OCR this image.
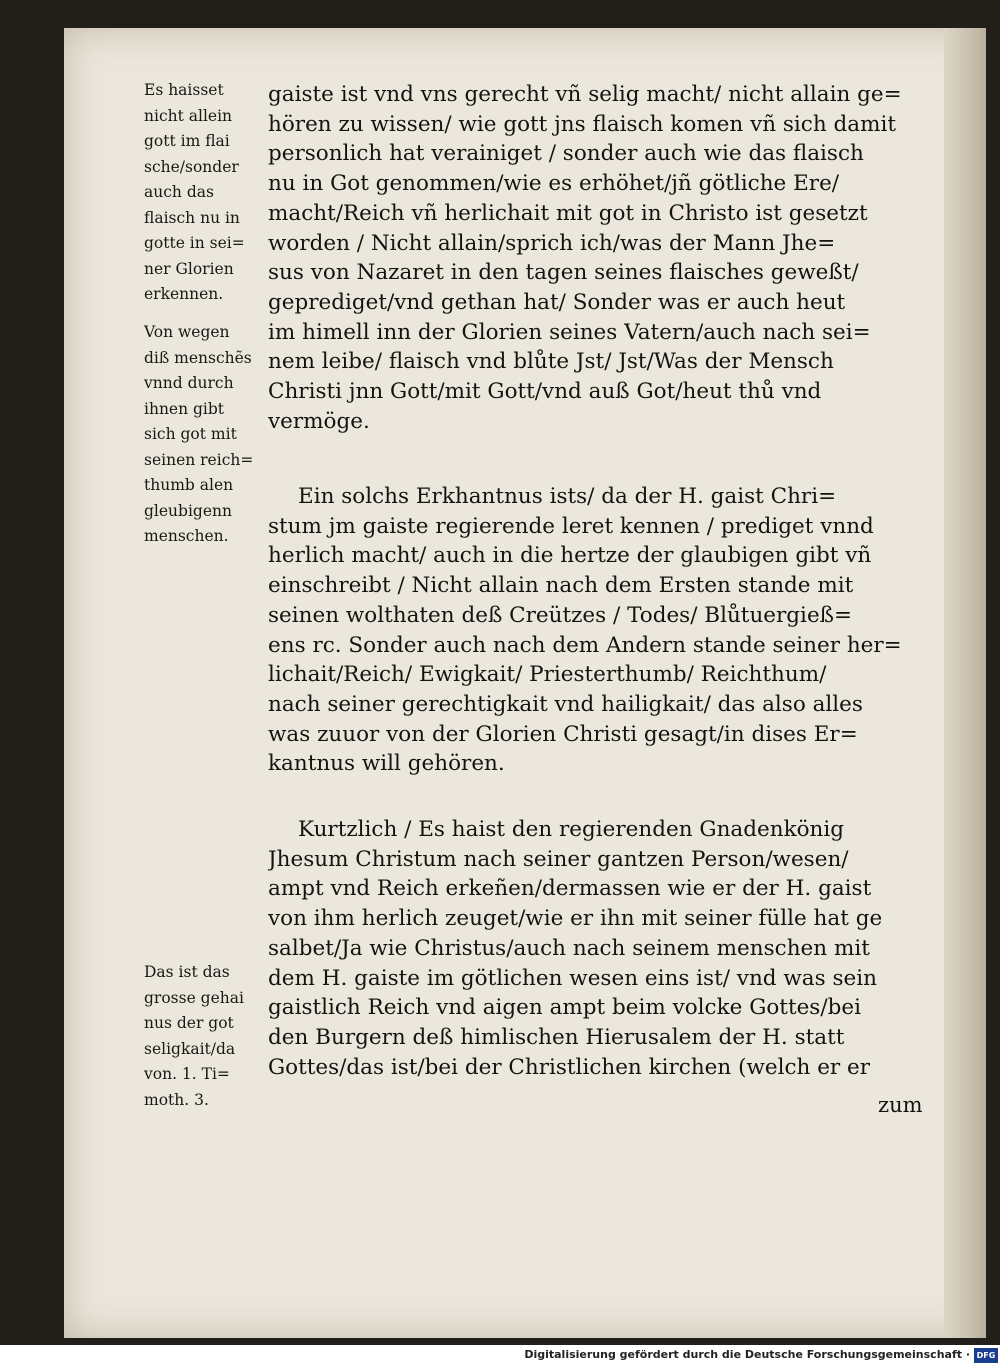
Es haisset
nicht allein
gott im flai
sche/sonder
auch das
flaisch nu in
gotte in sei=
ner Glorien
erkennen.
Von wegen
diß menschẽs
vnnd durch
ihnen gibt
sich got mit
seinen reich=
thumb alen
gleubigenn
menschen.
Das ist das
grosse gehai
nus der got
seligkait/da
von. 1. Ti=
moth. 3.
gaiste ist vnd vns gerecht vñ selig macht/ nicht allain ge=
hören zu wissen/ wie gott jns flaisch komen vñ sich damit
personlich hat verainiget / sonder auch wie das flaisch
nu in Got genommen/wie es erhöhet/jñ götliche Ere/
macht/Reich vñ herlichait mit got in Christo ist gesetzt
worden / Nicht allain/sprich ich/was der Mann Jhe=
sus von Nazaret in den tagen seines flaisches geweßt/
geprediget/vnd gethan hat/ Sonder was er auch heut
im himell inn der Glorien seines Vatern/auch nach sei=
nem leibe/ flaisch vnd blůte Jst/ Jst/Was der Mensch
Christi jnn Gott/mit Gott/vnd auß Got/heut thů vnd
vermöge.
Ein solchs Erkhantnus ists/ da der H. gaist Chri=
stum jm gaiste regierende leret kennen / prediget vnnd
herlich macht/ auch in die hertze der glaubigen gibt vñ
einschreibt / Nicht allain nach dem Ersten stande mit
seinen wolthaten deß Creützes / Todes/ Blůtuergieß=
ens rc. Sonder auch nach dem Andern stande seiner her=
lichait/Reich/ Ewigkait/ Priesterthumb/ Reichthum/
nach seiner gerechtigkait vnd hailigkait/ das also alles
was zuuor von der Glorien Christi gesagt/in dises Er=
kantnus will gehören.
Kurtzlich / Es haist den regierenden Gnadenkönig
Jhesum Christum nach seiner gantzen Person/wesen/
ampt vnd Reich erkeñen/dermassen wie er der H. gaist
von ihm herlich zeuget/wie er ihn mit seiner fülle hat ge
salbet/Ja wie Christus/auch nach seinem menschen mit
dem H. gaiste im götlichen wesen eins ist/ vnd was sein
gaistlich Reich vnd aigen ampt beim volcke Gottes/bei
den Burgern deß himlischen Hierusalem der H. statt
Gottes/das ist/bei der Christlichen kirchen (welch er er
zum
Digitalisierung gefördert durch die Deutsche Forschungsgemeinschaft · DFG
